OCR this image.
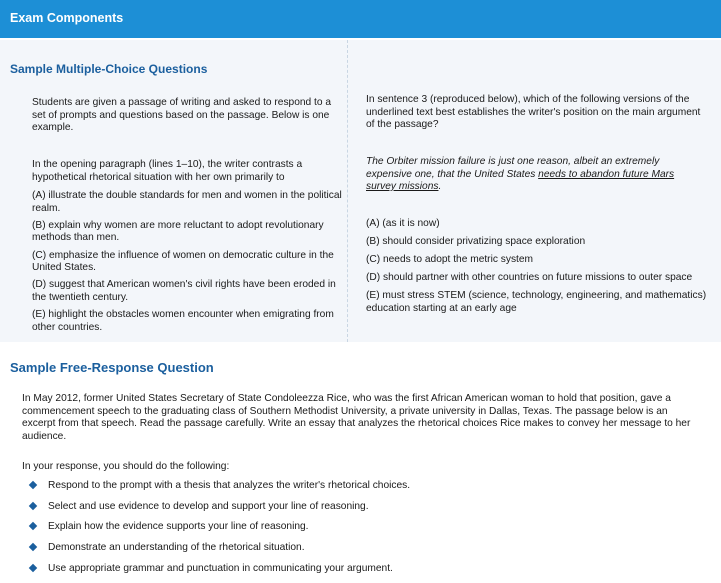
Exam Components
Sample Multiple-Choice Questions

Students are given a passage of writing and asked to respond to a set of prompts and questions based on the passage. Below is one example.

In the opening paragraph (lines 1–10), the writer contrasts a hypothetical rhetorical situation with her own primarily to

(A) illustrate the double standards for men and women in the political realm.
(B) explain why women are more reluctant to adopt revolutionary methods than men.
(C) emphasize the influence of women on democratic culture in the United States.
(D) suggest that American women's civil rights have been eroded in the twentieth century.
(E) highlight the obstacles women encounter when emigrating from other countries.

In sentence 3 (reproduced below), which of the following versions of the underlined text best establishes the writer's position on the main argument of the passage?

The Orbiter mission failure is just one reason, albeit an extremely expensive one, that the United States needs to abandon future Mars survey missions.

(A) (as it is now)
(B) should consider privatizing space exploration
(C) needs to adopt the metric system
(D) should partner with other countries on future missions to outer space
(E) must stress STEM (science, technology, engineering, and mathematics) education starting at an early age
Sample Free-Response Question

In May 2012, former United States Secretary of State Condoleezza Rice, who was the first African American woman to hold that position, gave a commencement speech to the graduating class of Southern Methodist University, a private university in Dallas, Texas. The passage below is an excerpt from that speech. Read the passage carefully. Write an essay that analyzes the rhetorical choices Rice makes to convey her message to her audience.

In your response, you should do the following:

Respond to the prompt with a thesis that analyzes the writer's rhetorical choices.
Select and use evidence to develop and support your line of reasoning.
Explain how the evidence supports your line of reasoning.
Demonstrate an understanding of the rhetorical situation.
Use appropriate grammar and punctuation in communicating your argument.
